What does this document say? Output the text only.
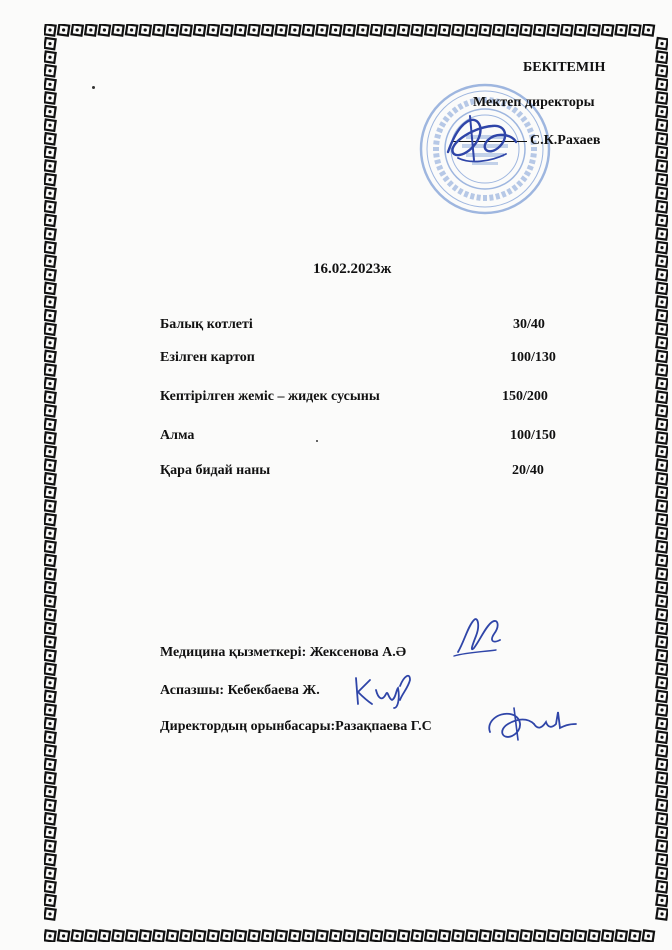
БЕКІТЕМІН
Мектеп директоры
С.К.Рахаев
16.02.2023ж
Балық котлеті	30/40
Езілген картоп	100/130
Кептірілген жеміс – жидек сусыны	150/200
Алма	100/150
Қара бидай наны	20/40
Медицина қызметкері: Жексенова А.Ә
Аспазшы: Кебекбаева Ж.
Директордың орынбасары:Разақпаева Г.С
